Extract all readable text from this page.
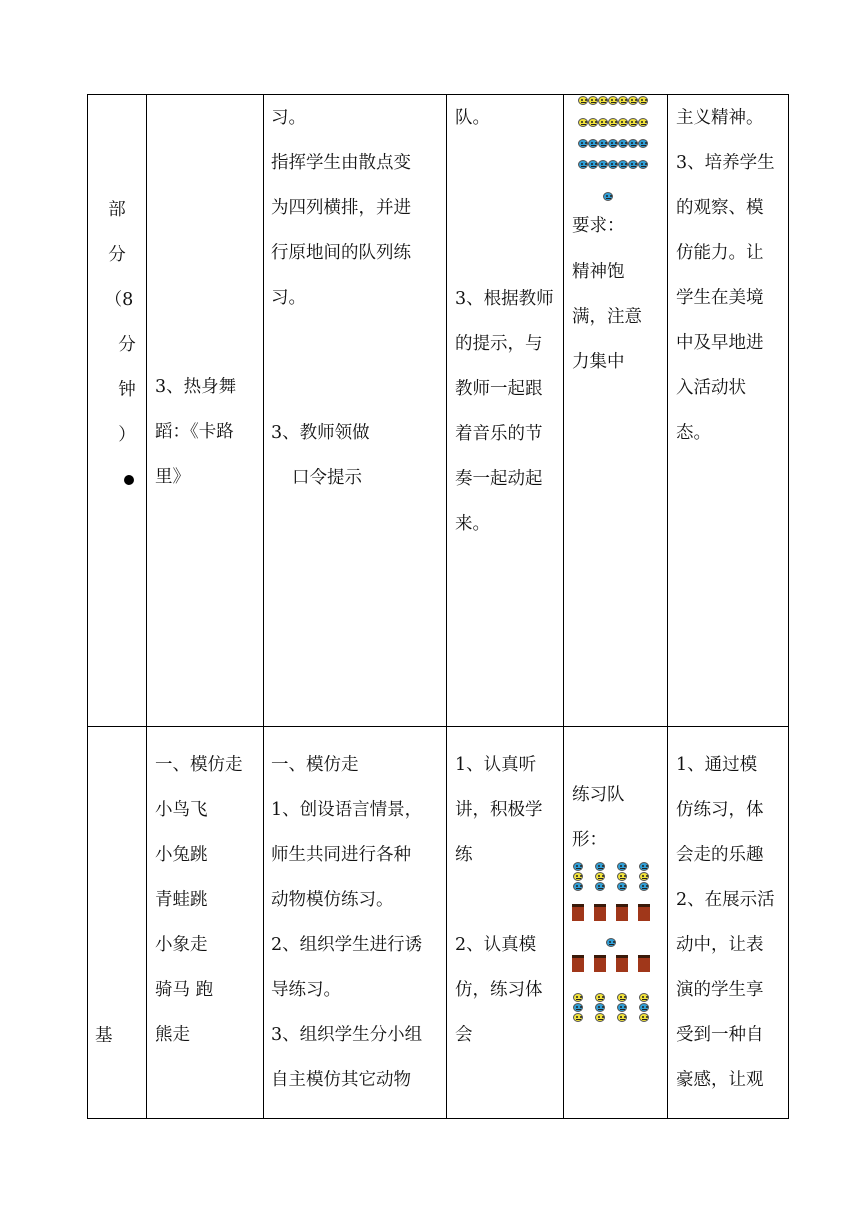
部
分
（8
分
钟
）
3、热身舞
蹈：《卡路
里》
习。
指挥学生由散点变
为四列横排，并进
行原地间的队列练
习。
3、教师领做
口令提示
队。
3、根据教师
的提示，与
教师一起跟
着音乐的节
奏一起动起
来。
要求：
精神饱
满，注意
力集中
主义精神。
3、培养学生
的观察、模
仿能力。让
学生在美境
中及早地进
入活动状
态。
基
一、模仿走
小鸟飞
小兔跳
青蛙跳
小象走
骑马 跑
熊走
一、模仿走
1、创设语言情景，
师生共同进行各种
动物模仿练习。
2、组织学生进行诱
导练习。
3、组织学生分小组
自主模仿其它动物
1、认真听
讲，积极学
练
2、认真模
仿，练习体
会
练习队
形：
1、通过模
仿练习，体
会走的乐趣
2、在展示活
动中，让表
演的学生享
受到一种自
豪感，让观
